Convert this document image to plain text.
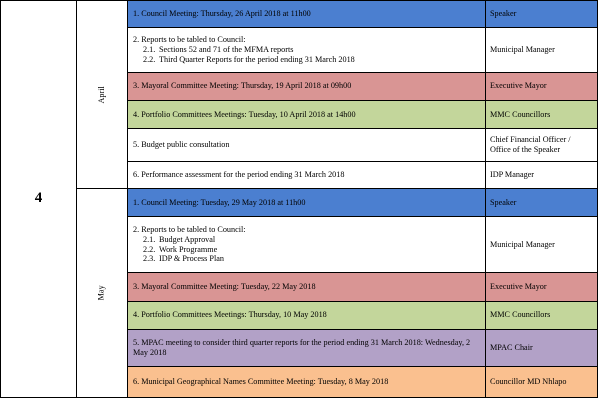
4	April	1. Council Meeting: Thursday, 26 April 2018 at 11h00	Speaker

		2. Reports to be tabled to Council:
2.1. Sections 52 and 71 of the MFMA reports
2.2. Third Quarter Reports for the period ending 31 March 2018	Municipal Manager

		3. Mayoral Committee Meeting: Thursday, 19 April 2018 at 09h00	Executive Mayor

		4. Portfolio Committees Meetings: Tuesday, 10 April 2018 at 14h00	MMC Councillors

		5. Budget public consultation	Chief Financial Officer / Office of the Speaker

		6. Performance assessment for the period ending 31 March 2018	IDP Manager
	May	1. Council Meeting: Tuesday, 29 May 2018 at 11h00	Speaker

		2. Reports to be tabled to Council:
2.1. Budget Approval
2.2. Work Programme
2.3. IDP & Process Plan	Municipal Manager

		3. Mayoral Committee Meeting: Tuesday, 22 May 2018	Executive Mayor

		4. Portfolio Committees Meetings: Thursday, 10 May 2018	MMC Councillors

		5. MPAC meeting to consider third quarter reports for the period ending 31 March 2018: Wednesday, 2 May 2018	MPAC Chair

		6. Municipal Geographical Names Committee Meeting: Tuesday, 8 May 2018	Councillor MD Nhlapo
